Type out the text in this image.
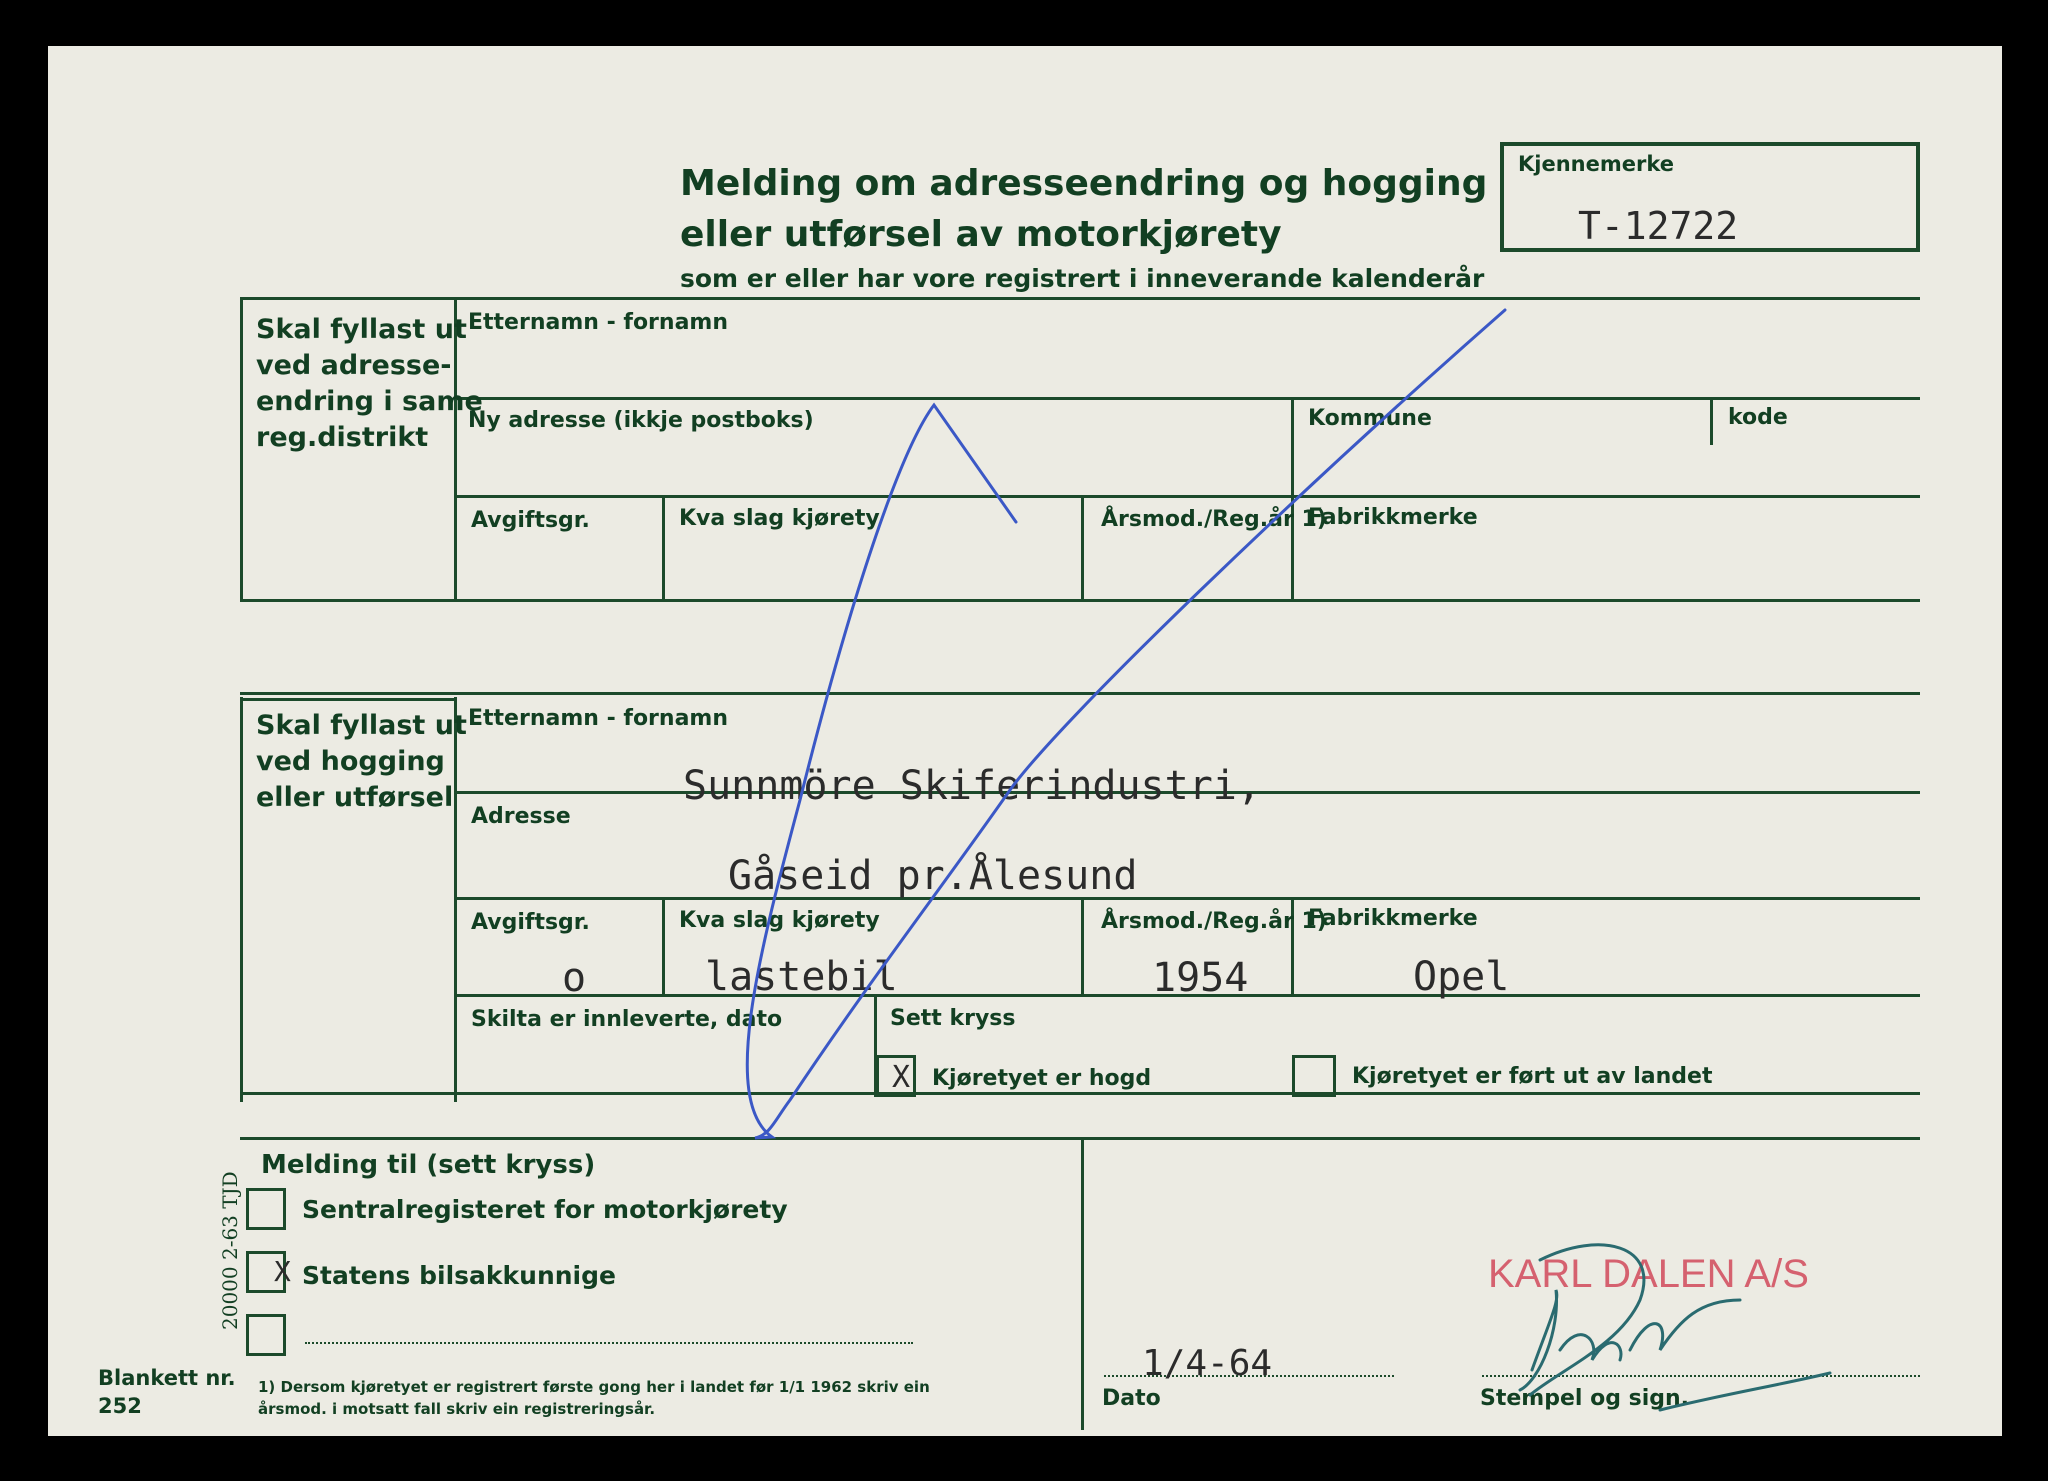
Melding om adresseendring og hogging
eller utførsel av motorkjørety
som er eller har vore registrert i inneverande kalenderår
Kjennemerke
T-12722
Skal fyllast ut
ved adresse-
endring i same
reg.distrikt
Etternamn - fornamn
Ny adresse (ikkje postboks)	Kommune	kode
Avgiftsgr.	Kva slag kjørety	Årsmod./Reg.år 1)
Fabrikkmerke
Skal fyllast ut
ved hogging
eller utførsel
Etternamn - fornamn
Sunnmöre Skiferindustri,
Adresse
Gåseid pr.Ålesund
Avgiftsgr.
o
Kva slag kjørety
lastebil
Årsmod./Reg.år 1)
1954
Fabrikkmerke
Opel
Skilta er innleverte, dato	Sett kryss
X Kjøretyet er hogd	Kjøretyet er ført ut av landet
Melding til (sett kryss)
Sentralregisteret for motorkjørety
X Statens bilsakkunnige
20000 2-63 TJD
Blankett nr.
252
1) Dersom kjøretyet er registrert første gong her i landet før 1/1 1962 skriv ein
årsmod. i motsatt fall skriv ein registreringsår.
1/4-64
Dato	Stempel og sign.
KARL DALEN A/S
